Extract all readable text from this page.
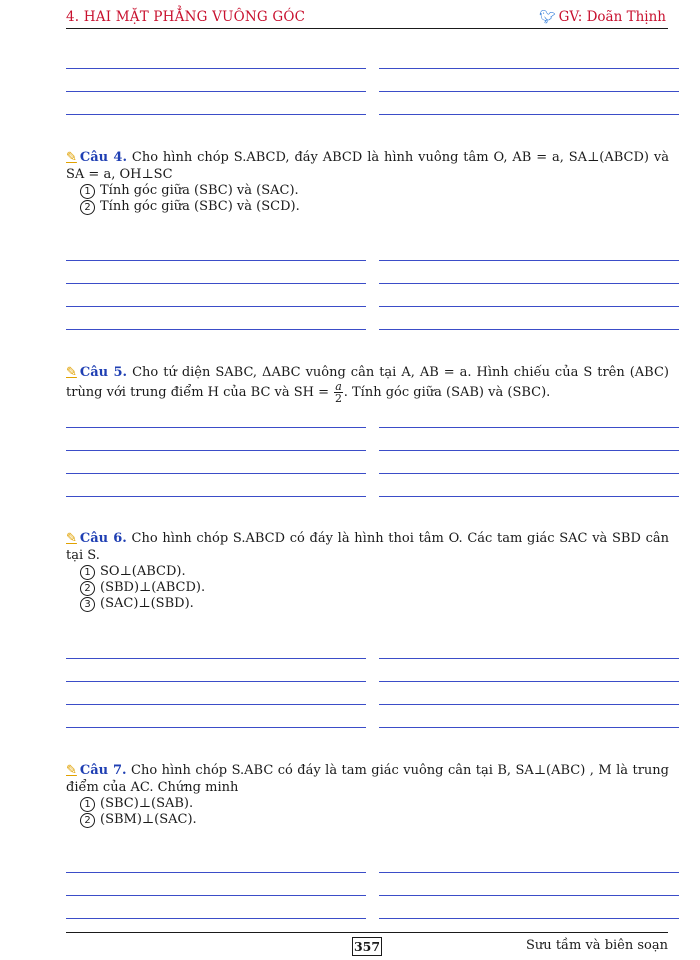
4. HAI MẶT PHẲNG VUÔNG GÓC	🐦︎ GV: Doãn Thịnh
✎ Câu 4. Cho hình chóp S.ABCD, đáy ABCD là hình vuông tâm O, AB = a, SA⊥(ABCD) và SA = a, OH⊥SC
1 Tính góc giữa (SBC) và (SAC).
2 Tính góc giữa (SBC) và (SCD).
✎ Câu 5. Cho tứ diện SABC, ΔABC vuông cân tại A, AB = a. Hình chiếu của S trên (ABC) trùng với trung điểm H của BC và SH = $\frac{a}{2}$ . Tính góc giữa (SAB) và (SBC).
✎ Câu 6. Cho hình chóp S.ABCD có đáy là hình thoi tâm O. Các tam giác SAC và SBD cân tại S.
1 SO⊥(ABCD).
2 (SBD)⊥(ABCD).
3 (SAC)⊥(SBD).
✎ Câu 7. Cho hình chóp S.ABC có đáy là tam giác vuông cân tại B, SA⊥(ABC) , M là trung điểm của AC. Chứng minh
1 (SBC)⊥(SAB).
2 (SBM)⊥(SAC).
357	Sưu tầm và biên soạn
